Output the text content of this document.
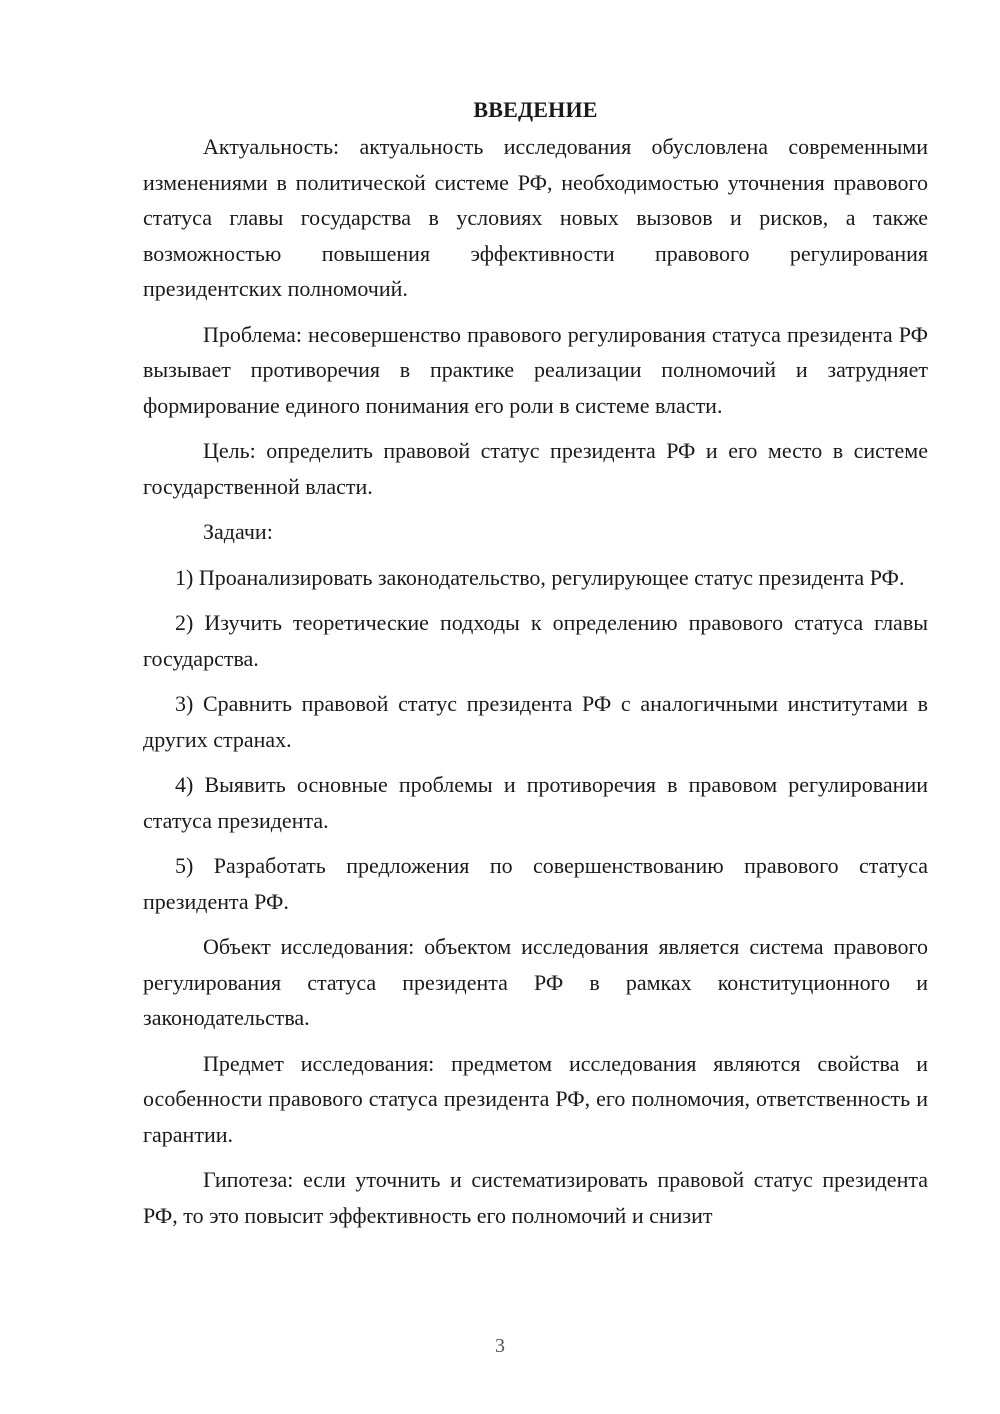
ВВЕДЕНИЕ

Актуальность: актуальность исследования обусловлена современными изменениями в политической системе РФ, необходимостью уточнения правового статуса главы государства в условиях новых вызовов и рисков, а также возможностью повышения эффективности правового регулирования президентских полномочий.

Проблема: несовершенство правового регулирования статуса президента РФ вызывает противоречия в практике реализации полномочий и затрудняет формирование единого понимания его роли в системе власти.

Цель: определить правовой статус президента РФ и его место в системе государственной власти.

Задачи:

1) Проанализировать законодательство, регулирующее статус президента РФ.

2) Изучить теоретические подходы к определению правового статуса главы государства.

3) Сравнить правовой статус президента РФ с аналогичными институтами в других странах.

4) Выявить основные проблемы и противоречия в правовом регулировании статуса президента.

5) Разработать предложения по совершенствованию правового статуса президента РФ.

Объект исследования: объектом исследования является система правового регулирования статуса президента РФ в рамках конституционного и законодательства.

Предмет исследования: предметом исследования являются свойства и особенности правового статуса президента РФ, его полномочия, ответственность и гарантии.

Гипотеза: если уточнить и систематизировать правовой статус президента РФ, то это повысит эффективность его полномочий и снизит

3
